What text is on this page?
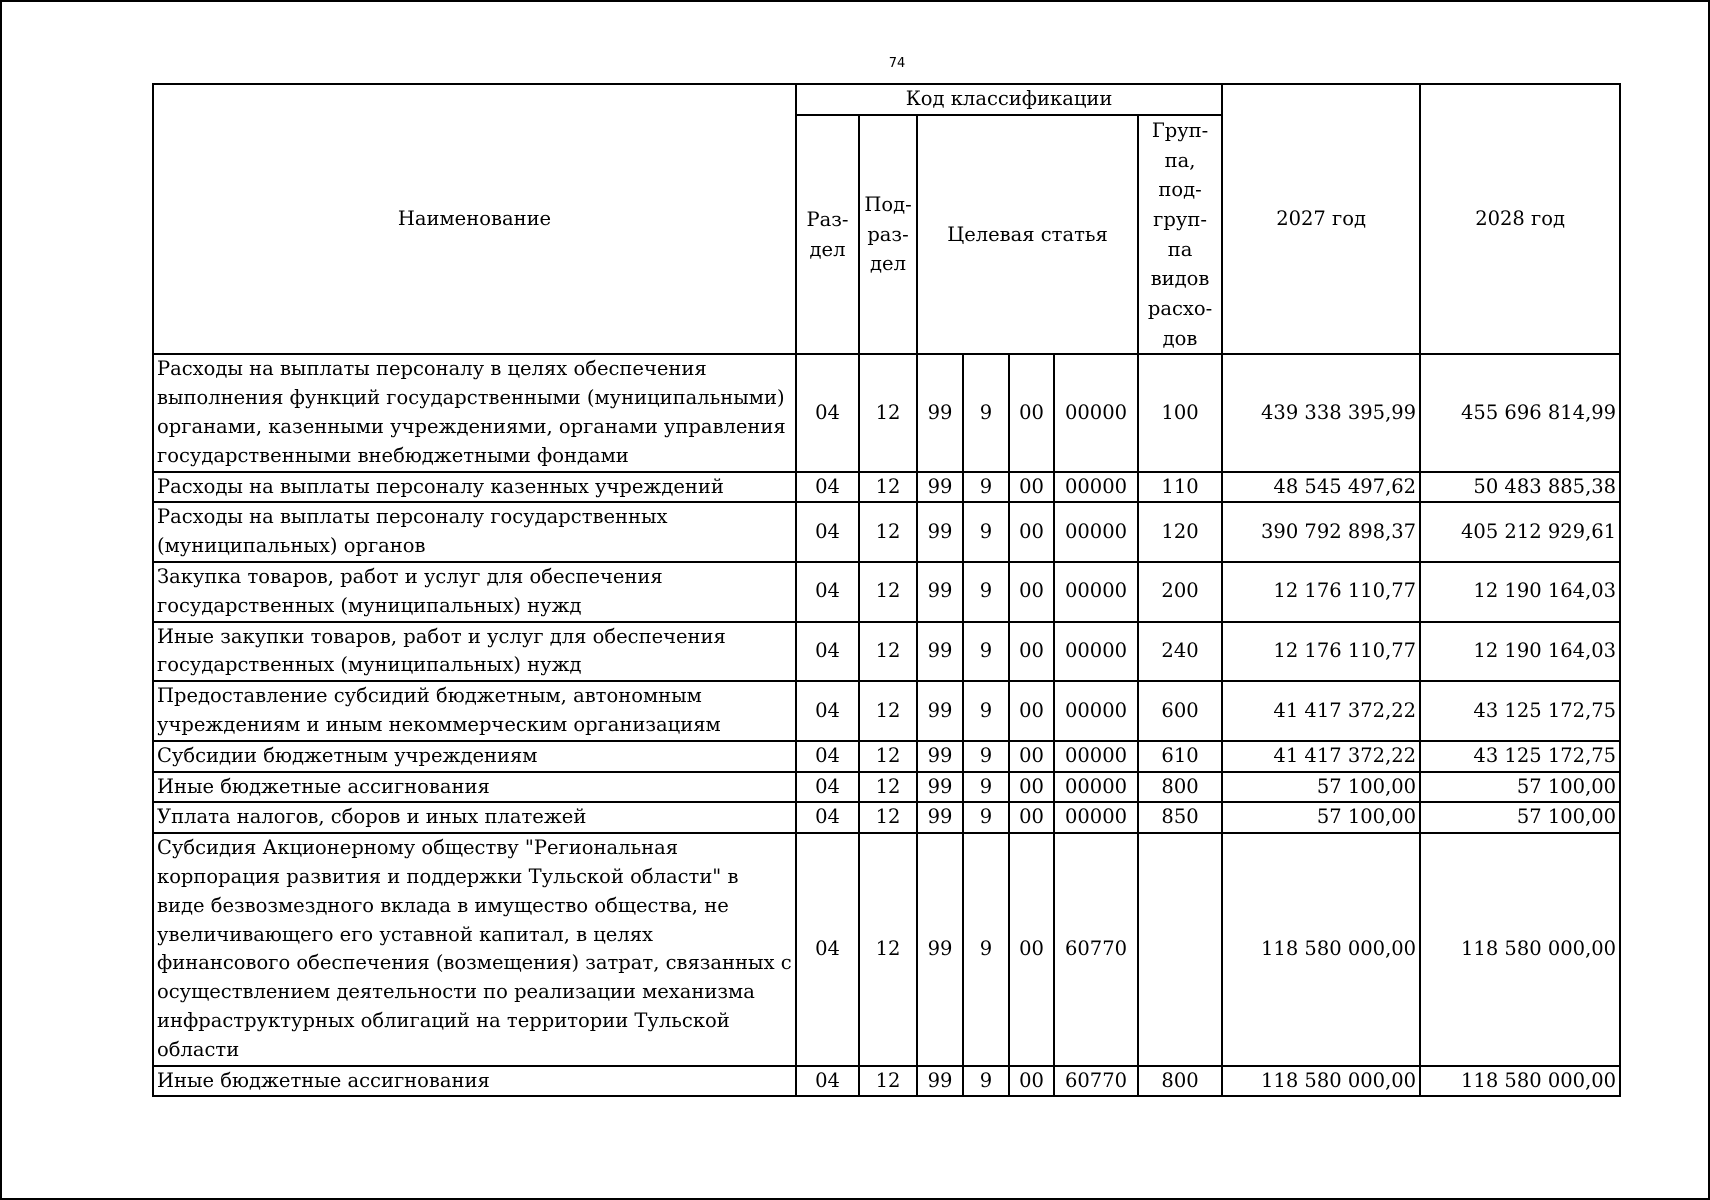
74
Наименование	Код классификации							2027 год	2028 год
	Раз-дел	Под-раз-дел	Целевая статья				Груп-па, под-груп-па видов расхо-дов		
Расходы на выплаты персоналу в целях обеспечения выполнения функций государственными (муниципальными) органами, казенными учреждениями, органами управления государственными внебюджетными фондами	04	12	99	9	00	00000	100	439 338 395,99	455 696 814,99
Расходы на выплаты персоналу казенных учреждений	04	12	99	9	00	00000	110	48 545 497,62	50 483 885,38
Расходы на выплаты персоналу государственных (муниципальных) органов	04	12	99	9	00	00000	120	390 792 898,37	405 212 929,61
Закупка товаров, работ и услуг для обеспечения государственных (муниципальных) нужд	04	12	99	9	00	00000	200	12 176 110,77	12 190 164,03
Иные закупки товаров, работ и услуг для обеспечения государственных (муниципальных) нужд	04	12	99	9	00	00000	240	12 176 110,77	12 190 164,03
Предоставление субсидий бюджетным, автономным учреждениям и иным некоммерческим организациям	04	12	99	9	00	00000	600	41 417 372,22	43 125 172,75
Субсидии бюджетным учреждениям	04	12	99	9	00	00000	610	41 417 372,22	43 125 172,75
Иные бюджетные ассигнования	04	12	99	9	00	00000	800	57 100,00	57 100,00
Уплата налогов, сборов и иных платежей	04	12	99	9	00	00000	850	57 100,00	57 100,00
Субсидия Акционерному обществу "Региональная корпорация развития и поддержки Тульской области" в виде безвозмездного вклада в имущество общества, не увеличивающего его уставной капитал, в целях финансового обеспечения (возмещения) затрат, связанных с осуществлением деятельности по реализации механизма инфраструктурных облигаций на территории Тульской области	04	12	99	9	00	60770		118 580 000,00	118 580 000,00
Иные бюджетные ассигнования	04	12	99	9	00	60770	800	118 580 000,00	118 580 000,00
